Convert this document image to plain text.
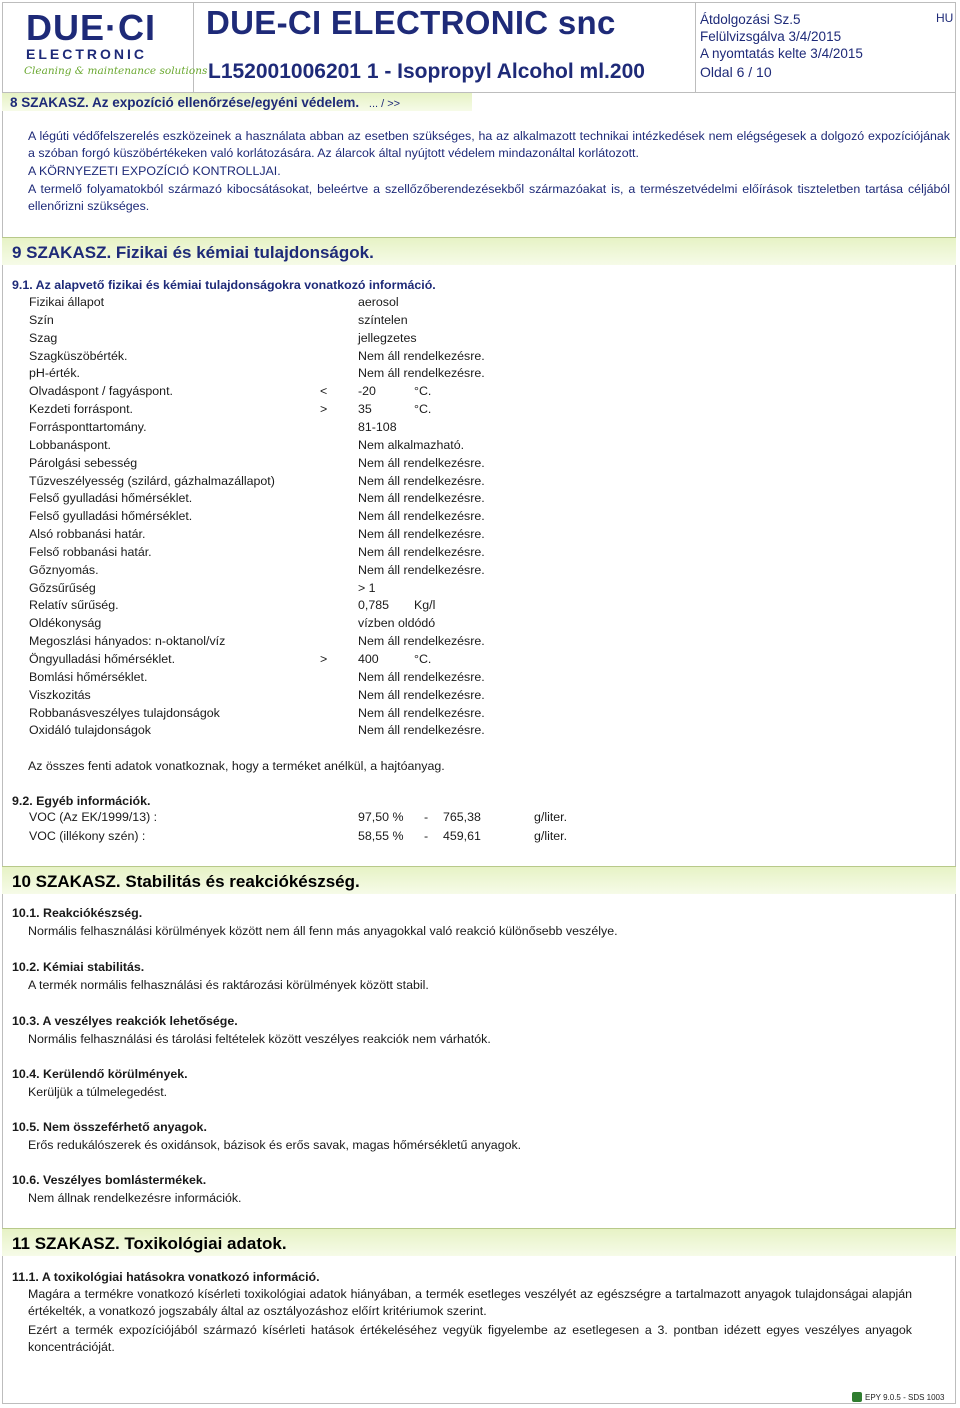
DUE·CI
ELECTRONIC
Cleaning & maintenance solutions
DUE-CI ELECTRONIC snc
L152001006201 1 - Isopropyl Alcohol ml.200
Átdolgozási Sz.5
Felülvizsgálva 3/4/2015
A nyomtatás kelte 3/4/2015
Oldal 6 / 10
HU
8 SZAKASZ. Az expozíció ellenőrzése/egyéni védelem. ... / >>
A légúti védőfelszerelés eszközeinek a használata abban az esetben szükséges, ha az alkalmazott technikai intézkedések nem elégségesek a dolgozó expozíciójának a szóban forgó küszöbértékeken való korlátozására. Az álarcok által nyújtott védelem mindazonáltal korlátozott.
A KÖRNYEZETI EXPOZÍCIÓ KONTROLLJAI.
A termelő folyamatokból származó kibocsátásokat, beleértve a szellőzőberendezésekből származóakat is, a természetvédelmi előírások tiszteletben tartása céljából ellenőrizni szükséges.
9 SZAKASZ. Fizikai és kémiai tulajdonságok.
9.1. Az alapvető fizikai és kémiai tulajdonságokra vonatkozó információ.
Fizikai állapot	aerosol
Szín	színtelen
Szag	jellegzetes
Szagküszöbérték.	Nem áll rendelkezésre.
pH-érték.	Nem áll rendelkezésre.
Olvadáspont / fagyáspont.	< -20	°C.
Kezdeti forráspont.	> 35	°C.
Forrásponttartomány.	81-108
Lobbanáspont.	Nem alkalmazható.
Párolgási sebesség	Nem áll rendelkezésre.
Tűzveszélyesség (szilárd, gázhalmazállapot)	Nem áll rendelkezésre.
Felső gyulladási hőmérséklet.	Nem áll rendelkezésre.
Felső gyulladási hőmérséklet.	Nem áll rendelkezésre.
Alsó robbanási határ.	Nem áll rendelkezésre.
Felső robbanási határ.	Nem áll rendelkezésre.
Gőznyomás.	Nem áll rendelkezésre.
Gőzsűrűség	> 1
Relatív sűrűség.	0,785 Kg/l
Oldékonyság	vízben oldódó
Megoszlási hányados: n-oktanol/víz	Nem áll rendelkezésre.
Öngyulladási hőmérséklet.	> 400	°C.
Bomlási hőmérséklet.	Nem áll rendelkezésre.
Viszkozitás	Nem áll rendelkezésre.
Robbanásveszélyes tulajdonságok	Nem áll rendelkezésre.
Oxidáló tulajdonságok	Nem áll rendelkezésre.
Az összes fenti adatok vonatkoznak, hogy a terméket anélkül, a hajtóanyag.
9.2. Egyéb információk.
VOC (Az EK/1999/13) :	97,50 % - 765,38	g/liter.
VOC (illékony szén) :	58,55 % - 459,61	g/liter.
10 SZAKASZ. Stabilitás és reakciókészség.
10.1. Reakciókészség.
Normális felhasználási körülmények között nem áll fenn más anyagokkal való reakció különősebb veszélye.
10.2. Kémiai stabilitás.
A termék normális felhasználási és raktározási körülmények között stabil.
10.3. A veszélyes reakciók lehetősége.
Normális felhasználási és tárolási feltételek között veszélyes reakciók nem várhatók.
10.4. Kerülendő körülmények.
Kerüljük a túlmelegedést.
10.5. Nem összeférhető anyagok.
Erős redukálószerek és oxidánsok, bázisok és erős savak, magas hőmérsékletű anyagok.
10.6. Veszélyes bomlástermékek.
Nem állnak rendelkezésre információk.
11 SZAKASZ. Toxikológiai adatok.
11.1. A toxikológiai hatásokra vonatkozó információ.
Magára a termékre vonatkozó kísérleti toxikológiai adatok hiányában, a termék esetleges veszélyét az egészségre a tartalmazott anyagok tulajdonságai alapján értékelték, a vonatkozó jogszabály által az osztályozáshoz előírt kritériumok szerint.
Ezért a termék expozíciójából származó kísérleti hatások értékeléséhez vegyük figyelembe az esetlegesen a 3. pontban idézett egyes veszélyes anyagok koncentrációját.
EPY 9.0.5 - SDS 1003
